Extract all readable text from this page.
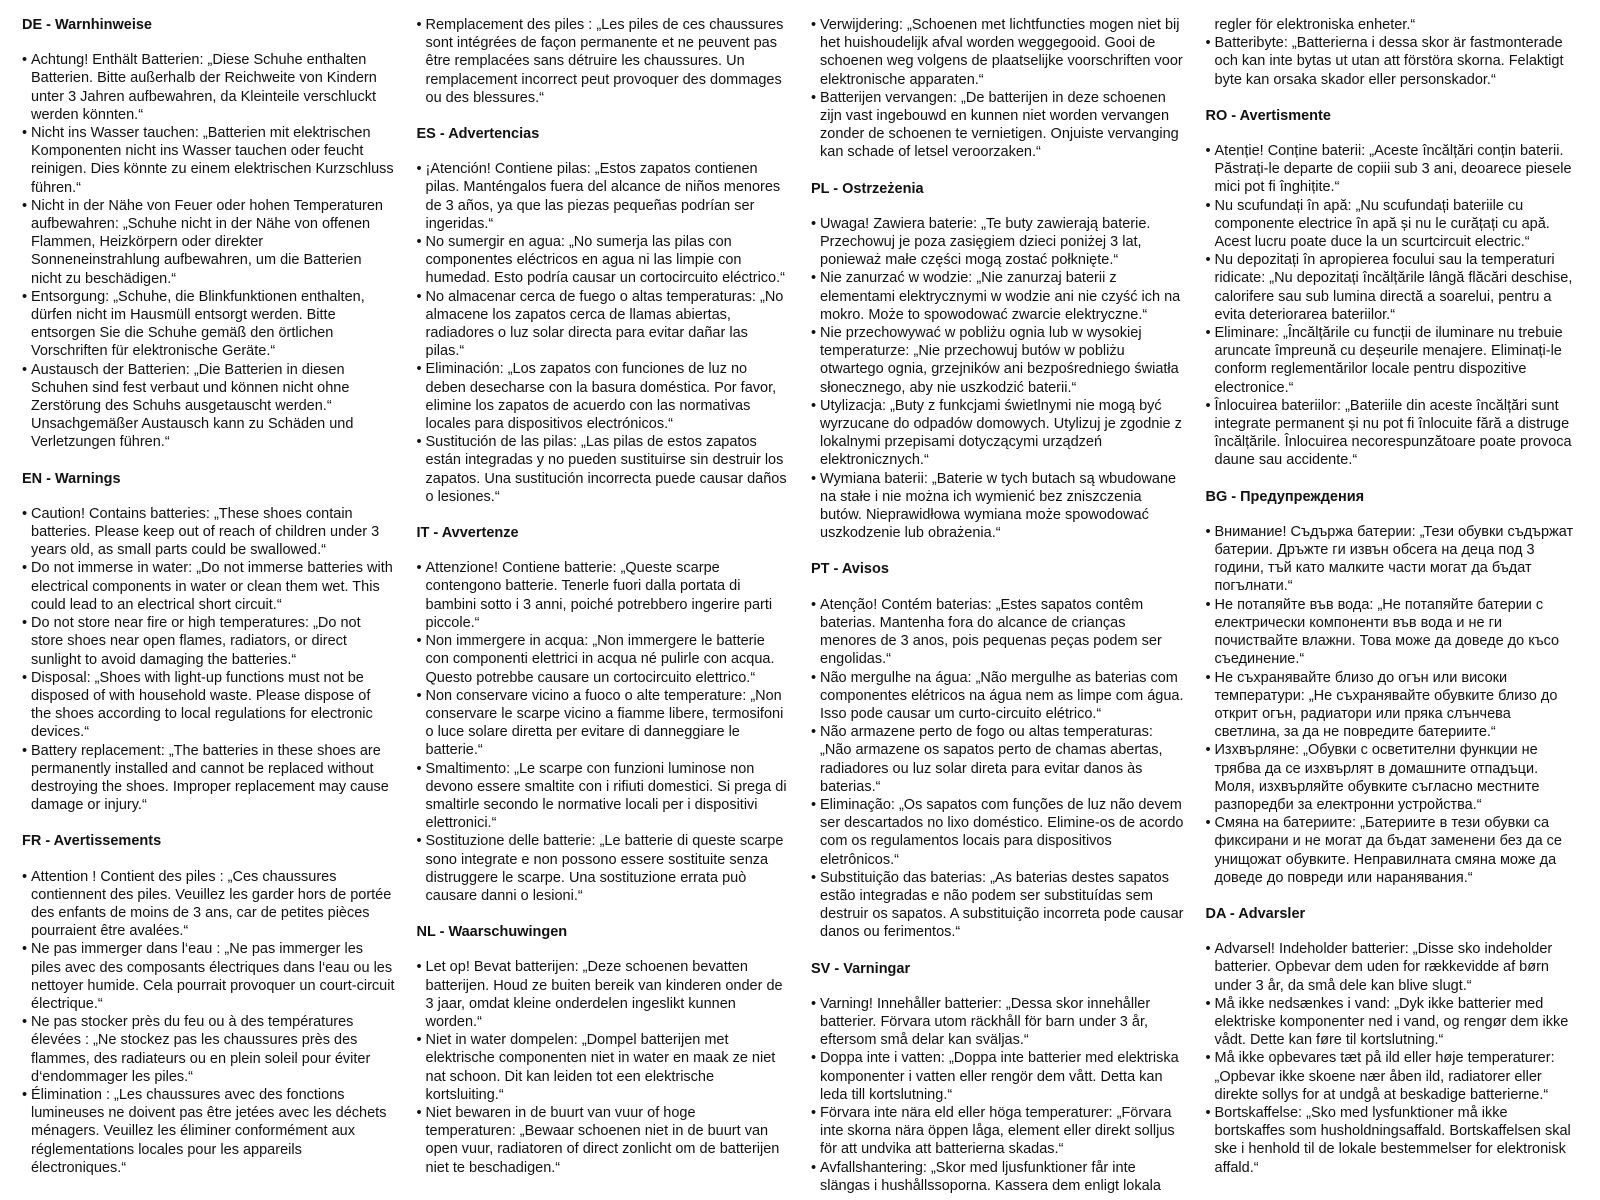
DE - Warnhinweise
• Achtung! Enthält Batterien: „Diese Schuhe enthalten Batterien. Bitte außerhalb der Reichweite von Kindern unter 3 Jahren aufbewahren, da Kleinteile verschluckt werden könnten.“
• Nicht ins Wasser tauchen: „Batterien mit elektrischen Komponenten nicht ins Wasser tauchen oder feucht reinigen. Dies könnte zu einem elektrischen Kurzschluss führen.“
• Nicht in der Nähe von Feuer oder hohen Temperaturen aufbewahren: „Schuhe nicht in der Nähe von offenen Flammen, Heizkörpern oder direkter Sonneneinstrahlung aufbewahren, um die Batterien nicht zu beschädigen.“
• Entsorgung: „Schuhe, die Blinkfunktionen enthalten, dürfen nicht im Hausmüll entsorgt werden. Bitte entsorgen Sie die Schuhe gemäß den örtlichen Vorschriften für elektronische Geräte.“
• Austausch der Batterien: „Die Batterien in diesen Schuhen sind fest verbaut und können nicht ohne Zerstörung des Schuhs ausgetauscht werden.“ Unsachgemäßer Austausch kann zu Schäden und Verletzungen führen.“
EN - Warnings
• Caution! Contains batteries: „These shoes contain batteries. Please keep out of reach of children under 3 years old, as small parts could be swallowed.“
• Do not immerse in water: „Do not immerse batteries with electrical components in water or clean them wet. This could lead to an electrical short circuit.“
• Do not store near fire or high temperatures: „Do not store shoes near open flames, radiators, or direct sunlight to avoid damaging the batteries.“
• Disposal: „Shoes with light-up functions must not be disposed of with household waste. Please dispose of the shoes according to local regulations for electronic devices.“
• Battery replacement: „The batteries in these shoes are permanently installed and cannot be replaced without destroying the shoes. Improper replacement may cause damage or injury.“
FR - Avertissements
• Attention ! Contient des piles : „Ces chaussures contiennent des piles. Veuillez les garder hors de portée des enfants de moins de 3 ans, car de petites pièces pourraient être avalées.“
• Ne pas immerger dans l‘eau : „Ne pas immerger les piles avec des composants électriques dans l‘eau ou les nettoyer humide. Cela pourrait provoquer un court-circuit électrique.“
• Ne pas stocker près du feu ou à des températures élevées : „Ne stockez pas les chaussures près des flammes, des radiateurs ou en plein soleil pour éviter d‘endommager les piles.“
• Élimination : „Les chaussures avec des fonctions lumineuses ne doivent pas être jetées avec les déchets ménagers. Veuillez les éliminer conformément aux réglementations locales pour les appareils électroniques.“
• Remplacement des piles : „Les piles de ces chaussures sont intégrées de façon permanente et ne peuvent pas être remplacées sans détruire les chaussures. Un remplacement incorrect peut provoquer des dommages ou des blessures.“
ES - Advertencias
• ¡Atención! Contiene pilas: „Estos zapatos contienen pilas. Manténgalos fuera del alcance de niños menores de 3 años, ya que las piezas pequeñas podrían ser ingeridas.“
• No sumergir en agua: „No sumerja las pilas con componentes eléctricos en agua ni las limpie con humedad. Esto podría causar un cortocircuito eléctrico.“
• No almacenar cerca de fuego o altas temperaturas: „No almacene los zapatos cerca de llamas abiertas, radiadores o luz solar directa para evitar dañar las pilas.“
• Eliminación: „Los zapatos con funciones de luz no deben desecharse con la basura doméstica. Por favor, elimine los zapatos de acuerdo con las normativas locales para dispositivos electrónicos.“
• Sustitución de las pilas: „Las pilas de estos zapatos están integradas y no pueden sustituirse sin destruir los zapatos. Una sustitución incorrecta puede causar daños o lesiones.“
IT - Avvertenze
• Attenzione! Contiene batterie: „Queste scarpe contengono batterie. Tenerle fuori dalla portata di bambini sotto i 3 anni, poiché potrebbero ingerire parti piccole.“
• Non immergere in acqua: „Non immergere le batterie con componenti elettrici in acqua né pulirle con acqua. Questo potrebbe causare un cortocircuito elettrico.“
• Non conservare vicino a fuoco o alte temperature: „Non conservare le scarpe vicino a fiamme libere, termosifoni o luce solare diretta per evitare di danneggiare le batterie.“
• Smaltimento: „Le scarpe con funzioni luminose non devono essere smaltite con i rifiuti domestici. Si prega di smaltirle secondo le normative locali per i dispositivi elettronici.“
• Sostituzione delle batterie: „Le batterie di queste scarpe sono integrate e non possono essere sostituite senza distruggere le scarpe. Una sostituzione errata può causare danni o lesioni.“
NL - Waarschuwingen
• Let op! Bevat batterijen: „Deze schoenen bevatten batterijen. Houd ze buiten bereik van kinderen onder de 3 jaar, omdat kleine onderdelen ingeslikt kunnen worden.“
• Niet in water dompelen: „Dompel batterijen met elektrische componenten niet in water en maak ze niet nat schoon. Dit kan leiden tot een elektrische kortsluiting.“
• Niet bewaren in de buurt van vuur of hoge temperaturen: „Bewaar schoenen niet in de buurt van open vuur, radiatoren of direct zonlicht om de batterijen niet te beschadigen.“
• Verwijdering: „Schoenen met lichtfuncties mogen niet bij het huishoudelijk afval worden weggegooid. Gooi de schoenen weg volgens de plaatselijke voorschriften voor elektronische apparaten.“
• Batterijen vervangen: „De batterijen in deze schoenen zijn vast ingebouwd en kunnen niet worden vervangen zonder de schoenen te vernietigen. Onjuiste vervanging kan schade of letsel veroorzaken.“
PL - Ostrzeżenia
• Uwaga! Zawiera baterie: „Te buty zawierają baterie. Przechowuj je poza zasięgiem dzieci poniżej 3 lat, ponieważ małe części mogą zostać połknięte.“
• Nie zanurzać w wodzie: „Nie zanurzaj baterii z elementami elektrycznymi w wodzie ani nie czyść ich na mokro. Może to spowodować zwarcie elektryczne.“
• Nie przechowywać w pobliżu ognia lub w wysokiej temperaturze: „Nie przechowuj butów w pobliżu otwartego ognia, grzejników ani bezpośredniego światła słonecznego, aby nie uszkodzić baterii.“
• Utylizacja: „Buty z funkcjami świetlnymi nie mogą być wyrzucane do odpadów domowych. Utylizuj je zgodnie z lokalnymi przepisami dotyczącymi urządzeń elektronicznych.“
• Wymiana baterii: „Baterie w tych butach są wbudowane na stałe i nie można ich wymienić bez zniszczenia butów. Nieprawidłowa wymiana może spowodować uszkodzenie lub obrażenia.“
PT - Avisos
• Atenção! Contém baterias: „Estes sapatos contêm baterias. Mantenha fora do alcance de crianças menores de 3 anos, pois pequenas peças podem ser engolidas.“
• Não mergulhe na água: „Não mergulhe as baterias com componentes elétricos na água nem as limpe com água. Isso pode causar um curto-circuito elétrico.“
• Não armazene perto de fogo ou altas temperaturas: „Não armazene os sapatos perto de chamas abertas, radiadores ou luz solar direta para evitar danos às baterias.“
• Eliminação: „Os sapatos com funções de luz não devem ser descartados no lixo doméstico. Elimine-os de acordo com os regulamentos locais para dispositivos eletrônicos.“
• Substituição das baterias: „As baterias destes sapatos estão integradas e não podem ser substituídas sem destruir os sapatos. A substituição incorreta pode causar danos ou ferimentos.“
SV - Varningar
• Varning! Innehåller batterier: „Dessa skor innehåller batterier. Förvara utom räckhåll för barn under 3 år, eftersom små delar kan sväljas.“
• Doppa inte i vatten: „Doppa inte batterier med elektriska komponenter i vatten eller rengör dem vått. Detta kan leda till kortslutning.“
• Förvara inte nära eld eller höga temperaturer: „Förvara inte skorna nära öppen låga, element eller direkt solljus för att undvika att batterierna skadas.“
• Avfallshantering: „Skor med ljusfunktioner får inte slängas i hushållssoporna. Kassera dem enligt lokala regler för elektroniska enheter.“
• Batteribyte: „Batterierna i dessa skor är fastmonterade och kan inte bytas ut utan att förstöra skorna. Felaktigt byte kan orsaka skador eller personskador.“
RO - Avertismente
• Atenție! Conține baterii: „Aceste încălțări conțin baterii. Păstrați-le departe de copiii sub 3 ani, deoarece piesele mici pot fi înghițite.“
• Nu scufundați în apă: „Nu scufundați bateriile cu componente electrice în apă și nu le curățați cu apă. Acest lucru poate duce la un scurtcircuit electric.“
• Nu depozitați în apropierea focului sau la temperaturi ridicate: „Nu depozitați încălțările lângă flăcări deschise, calorifere sau sub lumina directă a soarelui, pentru a evita deteriorarea bateriilor.“
• Eliminare: „Încălțările cu funcții de iluminare nu trebuie aruncate împreună cu deșeurile menajere. Eliminați-le conform reglementărilor locale pentru dispozitive electronice.“
• Înlocuirea bateriilor: „Bateriile din aceste încălțări sunt integrate permanent și nu pot fi înlocuite fără a distruge încălțările. Înlocuirea necorespunzătoare poate provoca daune sau accidente.“
BG - Предупреждения
• Внимание! Съдържа батерии: „Тези обувки съдържат батерии. Дръжте ги извън обсега на деца под 3 години, тъй като малките части могат да бъдат погълнати.“
• Не потапяйте във вода: „Не потапяйте батерии с електрически компоненти във вода и не ги почиствайте влажни. Това може да доведе до късо съединение.“
• Не съхранявайте близо до огън или високи температури: „Не съхранявайте обувките близо до открит огън, радиатори или пряка слънчева светлина, за да не повредите батериите.“
• Изхвърляне: „Обувки с осветителни функции не трябва да се изхвърлят в домашните отпадъци. Моля, изхвърляйте обувките съгласно местните разпоредби за електронни устройства.“
• Смяна на батериите: „Батериите в тези обувки са фиксирани и не могат да бъдат заменени без да се унищожат обувките. Неправилната смяна може да доведе до повреди или наранявания.“
DA - Advarsler
• Advarsel! Indeholder batterier: „Disse sko indeholder batterier. Opbevar dem uden for rækkevidde af børn under 3 år, da små dele kan blive slugt.“
• Må ikke nedsænkes i vand: „Dyk ikke batterier med elektriske komponenter ned i vand, og rengør dem ikke vådt. Dette kan føre til kortslutning.“
• Må ikke opbevares tæt på ild eller høje temperaturer: „Opbevar ikke skoene nær åben ild, radiatorer eller direkte sollys for at undgå at beskadige batterierne.“
• Bortskaffelse: „Sko med lysfunktioner må ikke bortskaffes som husholdningsaffald. Bortskaffelsen skal ske i henhold til de lokale bestemmelser for elektronisk affald.“
